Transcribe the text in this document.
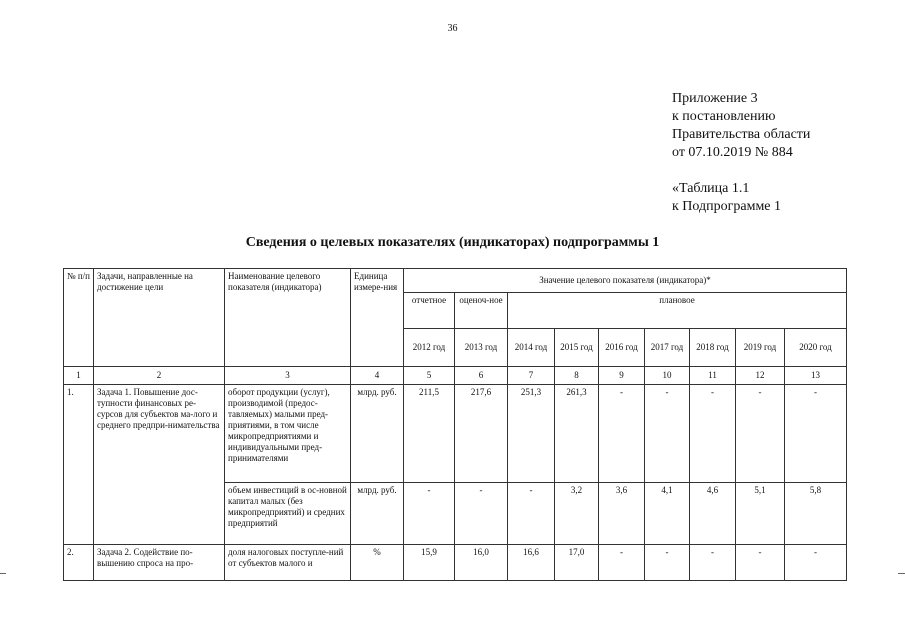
36
Приложение 3
к постановлению
Правительства области
от 07.10.2019 № 884
«Таблица 1.1
к Подпрограмме 1
Сведения о целевых показателях (индикаторах) подпрограммы 1
№ п/п	Задачи, направленные на достижение цели	Наименование целевого показателя (индикатора)	Единица измере-ния	Значение целевого показателя (индикатора)*								
				отчетное	оценоч-ное	плановое						
				2012 год	2013 год	2014 год	2015 год	2016 год	2017 год	2018 год	2019 год	2020 год
1	2	3	4	5	6	7	8	9	10	11	12	13
1.	Задача 1. Повышение дос-тупности финансовых ре-сурсов для субъектов ма-лого и среднего предпри-нимательства	оборот продукции (услуг), производимой (предос-тавляемых) малыми пред-приятиями, в том числе микропредприятиями и индивидуальными пред-принимателями	млрд. руб.	211,5	217,6	251,3	261,3	-	-	-	-	-
		объем инвестиций в ос-новной капитал малых (без микропредприятий) и средних предприятий	млрд. руб.	-	-	-	3,2	3,6	4,1	4,6	5,1	5,8
2.	Задача 2. Содействие по-вышению спроса на про-	доля налоговых поступле-ний от субъектов малого и	%	15,9	16,0	16,6	17,0	-	-	-	-	-
